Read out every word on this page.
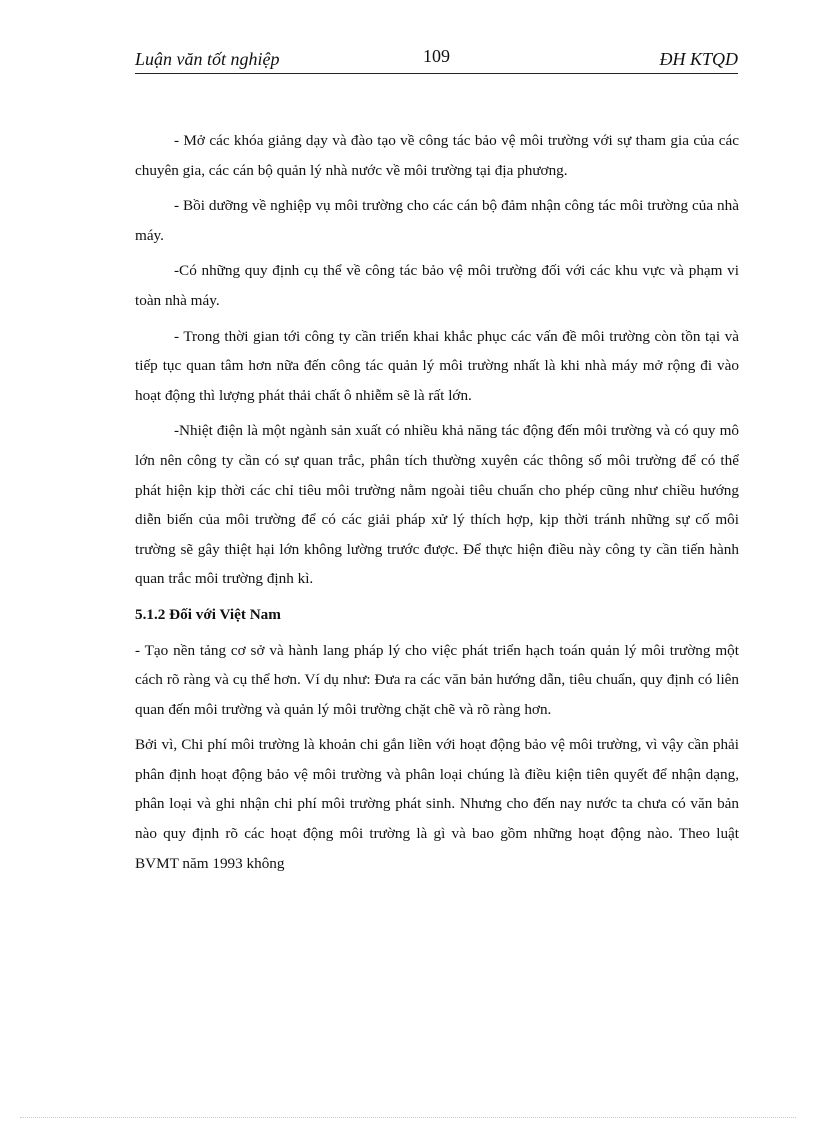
Luận văn tốt nghiệp	109	ĐH KTQD

- Mở các khóa giảng dạy và đào tạo về công tác bảo vệ môi trường với sự tham gia của các chuyên gia, các cán bộ quản lý nhà nước về môi trường tại địa phương.

- Bồi dưỡng về nghiệp vụ môi trường cho các cán bộ đảm nhận công tác môi trường của nhà máy.

-Có những quy định cụ thể về công tác bảo vệ môi trường đối với các khu vực và phạm vi toàn nhà máy.

- Trong thời gian tới công ty cần triển khai khắc phục các vấn đề môi trường còn tồn tại và tiếp tục quan tâm hơn nữa đến công tác quản lý môi trường nhất là khi nhà máy mở rộng đi vào hoạt động thì lượng phát thải chất ô nhiễm sẽ là rất lớn.

-Nhiệt điện là một ngành sản xuất có nhiều khả năng tác động đến môi trường và có quy mô lớn nên công ty cần có sự quan trắc, phân tích thường xuyên các thông số môi trường để có thể phát hiện kịp thời các chỉ tiêu môi trường nằm ngoài tiêu chuẩn cho phép cũng như chiều hướng diễn biến của môi trường để có các giải pháp xử lý thích hợp, kịp thời tránh những sự cố môi trường sẽ gây thiệt hại lớn không lường trước được. Để thực hiện điều này công ty cần tiến hành quan trắc môi trường định kì.

5.1.2 Đối với Việt Nam

- Tạo nền tảng cơ sở và hành lang pháp lý cho việc phát triển hạch toán quản lý môi trường một cách rõ ràng và cụ thể hơn. Ví dụ như: Đưa ra các văn bản hướng dẫn, tiêu chuẩn, quy định có liên quan đến môi trường và quản lý môi trường chặt chẽ và rõ ràng hơn.

Bởi vì, Chi phí môi trường là khoản chi gắn liền với hoạt động bảo vệ môi trường, vì vậy cần phải phân định hoạt động bảo vệ môi trường và phân loại chúng là điều kiện tiên quyết để nhận dạng, phân loại và ghi nhận chi phí môi trường phát sinh. Nhưng cho đến nay nước ta chưa có văn bản nào quy định rõ các hoạt động môi trường là gì và bao gồm những hoạt động nào. Theo luật BVMT năm 1993 không
